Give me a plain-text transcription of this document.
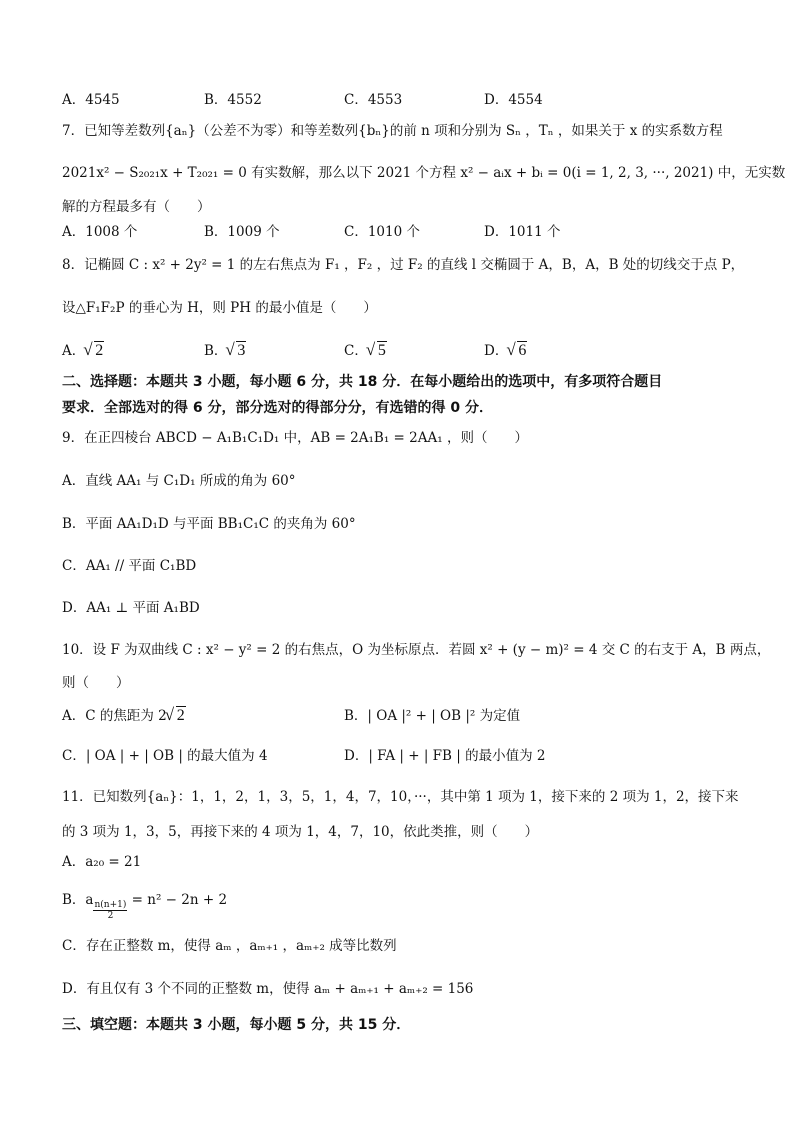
A．4545	B．4552	C．4553	D．4554
7．已知等差数列{aₙ}（公差不为零）和等差数列{bₙ}的前 n 项和分别为 Sₙ ，Tₙ ，如果关于 x 的实系数方程
2021x² − S₂₀₂₁x + T₂₀₂₁ = 0 有实数解，那么以下 2021 个方程 x² − aᵢx + bᵢ = 0(i = 1, 2, 3, ···, 2021) 中，无实数
解的方程最多有（　　）
A．1008 个	B．1009 个	C．1010 个	D．1011 个
8．记椭圆 C : x² + 2y² = 1 的左右焦点为 F₁ ，F₂ ，过 F₂ 的直线 l 交椭圆于 A，B，A，B 处的切线交于点 P，
设△F₁F₂P 的垂心为 H，则 PH 的最小值是（　　）
A． √ 2	B． √ 3	C． √ 5	D． √ 6
二、选择题：本题共 3 小题，每小题 6 分，共 18 分．在每小题给出的选项中，有多项符合题目
要求．全部选对的得 6 分，部分选对的得部分分，有选错的得 0 分．
9．在正四棱台 ABCD − A₁B₁C₁D₁ 中，AB = 2A₁B₁ = 2AA₁ ，则（　　）
A．直线 AA₁ 与 C₁D₁ 所成的角为 60°
B．平面 AA₁D₁D 与平面 BB₁C₁C 的夹角为 60°
C．AA₁ // 平面 C₁BD
D．AA₁ ⊥ 平面 A₁BD
10．设 F 为双曲线 C : x² − y² = 2 的右焦点，O 为坐标原点．若圆 x² + (y − m)² = 4 交 C 的右支于 A，B 两点，
则（　　）
A．C 的焦距为 2 √ 2	B．| OA |² + | OB |² 为定值
C．| OA | + | OB | 的最大值为 4	D．| FA | + | FB | 的最小值为 2
11．已知数列{aₙ}：1，1，2，1，3，5，1，4，7，10，···，其中第 1 项为 1，接下来的 2 项为 1，2，接下来
的 3 项为 1，3，5，再接下来的 4 项为 1，4，7，10，依此类推，则（　　）
A．a₂₀ = 21
B．a $\frac{n(n+1)}{2} = n^2 - 2n + 2$
C．存在正整数 m，使得 aₘ ，aₘ₊₁ ，aₘ₊₂ 成等比数列
D．有且仅有 3 个不同的正整数 m，使得 aₘ + aₘ₊₁ + aₘ₊₂ = 156
三、填空题：本题共 3 小题，每小题 5 分，共 15 分．
